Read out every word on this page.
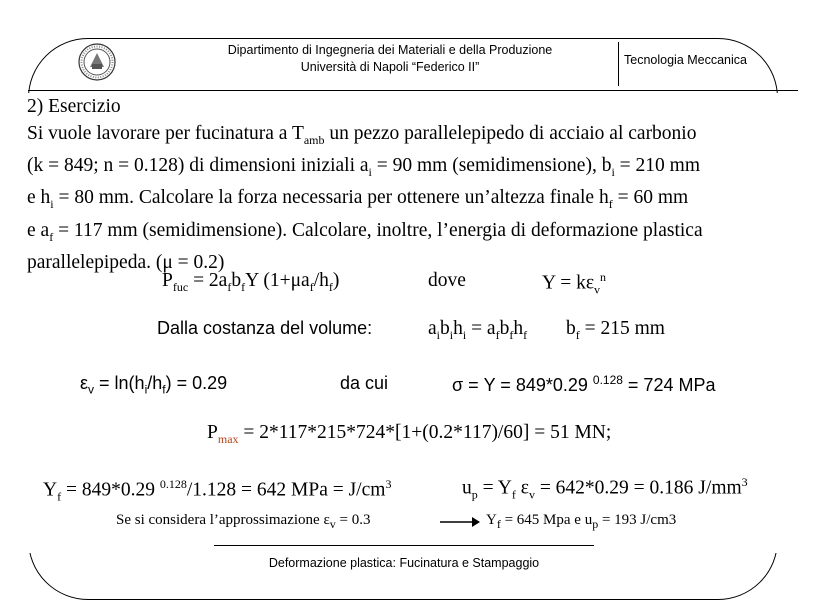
Dipartimento di Ingegneria dei Materiali e della Produzione
Università di Napoli “Federico II”	Tecnologia Meccanica
2) Esercizio
Si vuole lavorare per fucinatura a $T_{amb}$ un pezzo parallelepipedo di acciaio al carbonio
(k = 849; n = 0.128) di dimensioni iniziali $a_i = 90$ mm (semidimensione), $b_i = 210$ mm
e $h_i = 80$ mm. Calcolare la forza necessaria per ottenere un’altezza finale $h_f = 60$ mm
e $a_f = 117$ mm (semidimensione). Calcolare, inoltre, l’energia di deformazione plastica
parallelepipeda. (μ = 0.2)
$P_{fuc} = 2a_fb_fY$ $(1+\mu a_f/h_f)$	dove	$Y = k\varepsilon_v^n$
Dalla costanza del volume:	$a_ib_ih_i = a_fb_fh_f$ $b_f = 215$ mm
$\varepsilon_v = \ln(h_i/h_f) = 0.29$	da cui	σ = Y = 849*0.29 $^{0.128}$ = 724 MPa
$P_{max} = 2*117*215*724*[1+(0.2*117)/60] = 51$ MN;
$Y_f = 849*0.29$ $^{0.128}$/1.128 = 642 MPa = $J/cm^3$	$u_p = Y_f$ $\varepsilon_v = 642*0.29 = 0.186$ $J/mm^3$
Se si considera l’approssimazione $\varepsilon_v = 0.3$	$Y_f = 645$ Mpa e $u_p = 193$ J/cm3
Deformazione plastica: Fucinatura e Stampaggio
